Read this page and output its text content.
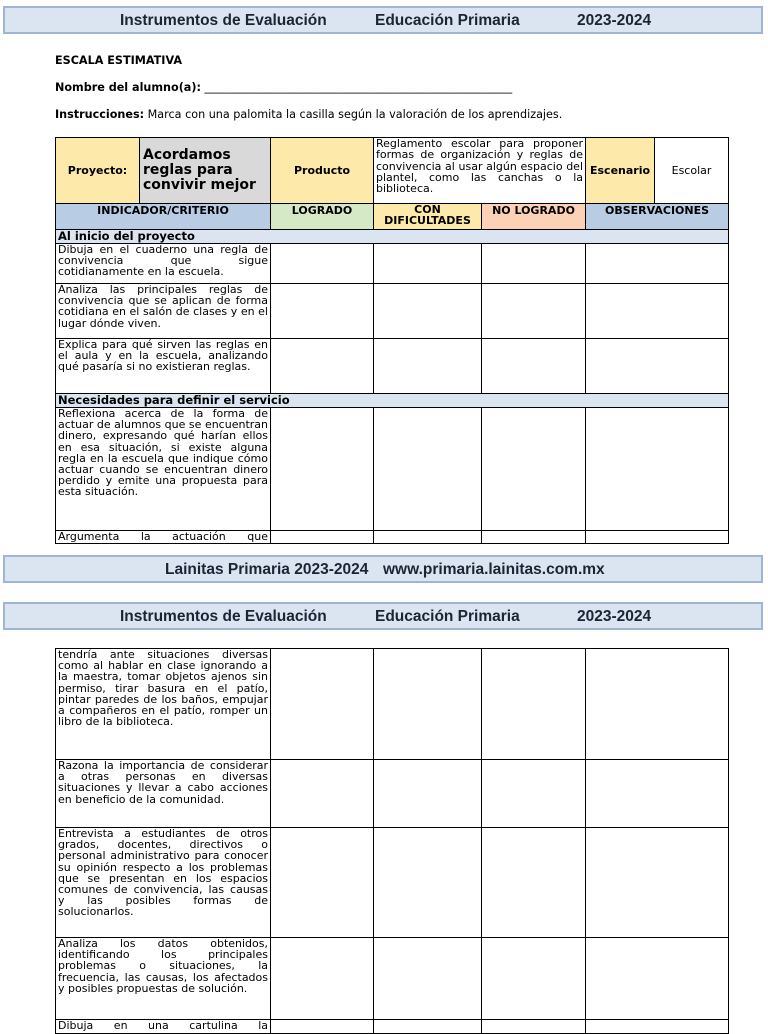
Instrumentos de Evaluación	Educación Primaria	2023-2024
ESCALA ESTIMATIVA
Nombre del alumno(a): _______________________________________________________
Instrucciones: Marca con una palomita la casilla según la valoración de los aprendizajes.
Proyecto:	Acordamos reglas para convivir mejor	Producto	Reglamento escolar para proponer formas de organización y reglas de convivencia al usar algún espacio del plantel, como las canchas o la biblioteca.		Escenario	Escolar
INDICADOR/CRITERIO		LOGRADO	CON DIFICULTADES	NO LOGRADO	OBSERVACIONES	
Al inicio del proyecto						
Dibuja en el cuaderno una regla de convivencia que sigue cotidianamente en la escuela.						
Analiza las principales reglas de convivencia que se aplican de forma cotidiana en el salón de clases y en el lugar dónde viven.						
Explica para qué sirven las reglas en el aula y en la escuela, analizando qué pasaría si no existieran reglas.						
Necesidades para definir el servicio						
Reflexiona acerca de la forma de actuar de alumnos que se encuentran dinero, expresando qué harían ellos en esa situación, si existe alguna regla en la escuela que indique cómo actuar cuando se encuentran dinero perdido y emite una propuesta para esta situación.						
Argumenta la actuación que						
Lainitas Primaria 2023-2024 www.primaria.lainitas.com.mx
Instrumentos de Evaluación	Educación Primaria	2023-2024
tendría ante situaciones diversas como al hablar en clase ignorando a la maestra, tomar objetos ajenos sin permiso, tirar basura en el patío, pintar paredes de los baños, empujar a compañeros en el patío, romper un libro de la biblioteca.				
Razona la importancia de considerar a otras personas en diversas situaciones y llevar a cabo acciones en beneficio de la comunidad.				
Entrevista a estudiantes de otros grados, docentes, directivos o personal administrativo para conocer su opinión respecto a los problemas que se presentan en los espacios comunes de convivencia, las causas y las posibles formas de solucionarlos.				
Analiza los datos obtenidos, identificando los principales problemas o situaciones, la frecuencia, las causas, los afectados y posibles propuestas de solución.				
Dibuja en una cartulina la				
